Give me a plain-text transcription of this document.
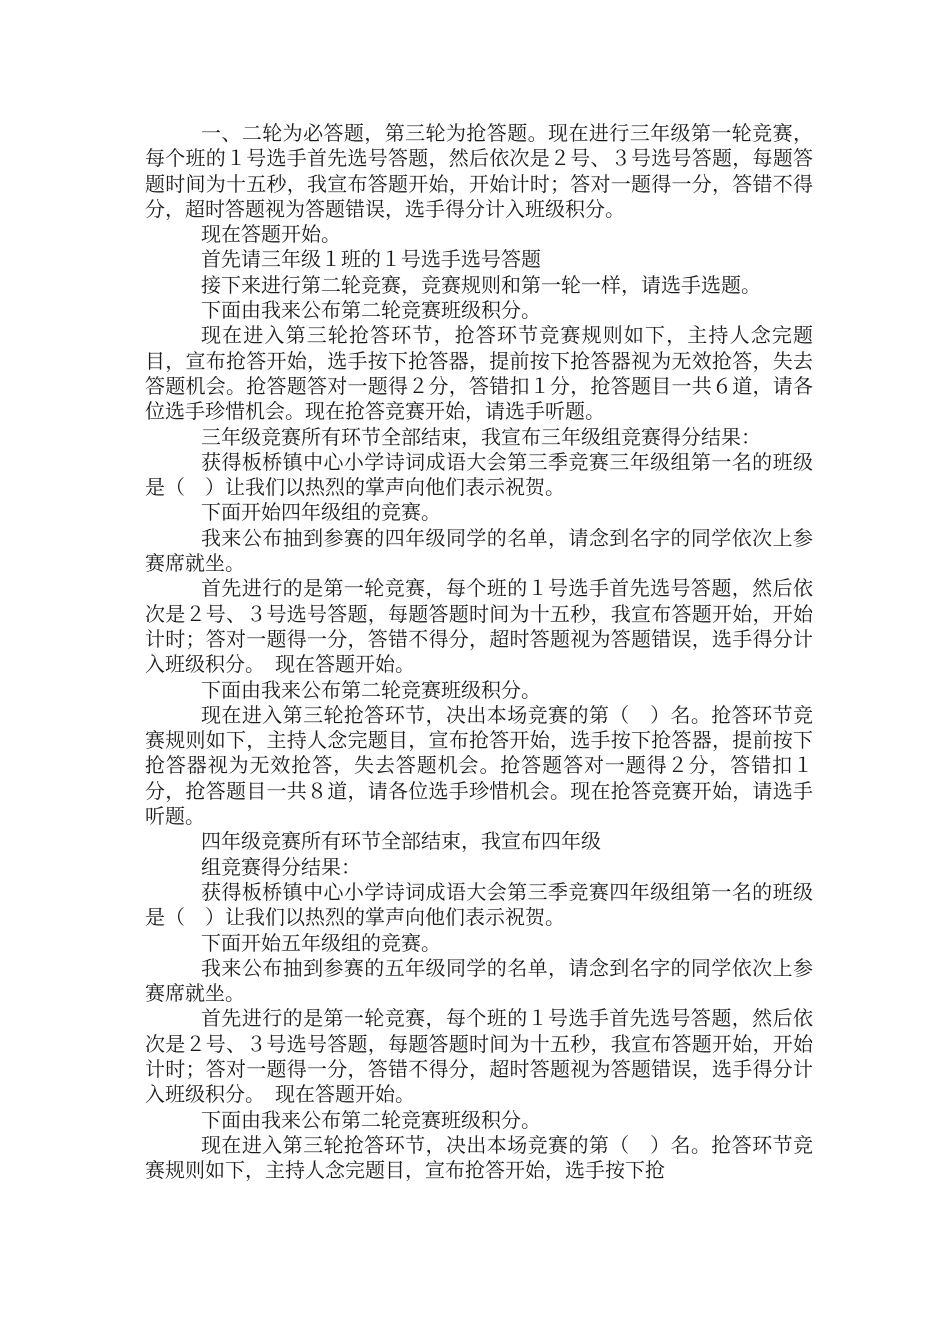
一、二轮为必答题，第三轮为抢答题。现在进行三年级第一轮竞赛，每个班的１号选手首先选号答题，然后依次是２号、３号选号答题，每题答题时间为十五秒，我宣布答题开始，开始计时；答对一题得一分，答错不得分，超时答题视为答题错误，选手得分计入班级积分。

现在答题开始。

首先请三年级１班的１号选手选号答题

接下来进行第二轮竞赛，竞赛规则和第一轮一样，请选手选题。

下面由我来公布第二轮竞赛班级积分。

现在进入第三轮抢答环节，抢答环节竞赛规则如下，主持人念完题目，宣布抢答开始，选手按下抢答器，提前按下抢答器视为无效抢答，失去答题机会。抢答题答对一题得２分，答错扣１分，抢答题目一共６道，请各位选手珍惜机会。现在抢答竞赛开始，请选手听题。

三年级竞赛所有环节全部结束，我宣布三年级组竞赛得分结果：

获得板桥镇中心小学诗词成语大会第三季竞赛三年级组第一名的班级是（　）让我们以热烈的掌声向他们表示祝贺。

下面开始四年级组的竞赛。

我来公布抽到参赛的四年级同学的名单，请念到名字的同学依次上参赛席就坐。

首先进行的是第一轮竞赛，每个班的１号选手首先选号答题，然后依次是２号、３号选号答题，每题答题时间为十五秒，我宣布答题开始，开始计时；答对一题得一分，答错不得分，超时答题视为答题错误，选手得分计入班级积分。　现在答题开始。

下面由我来公布第二轮竞赛班级积分。

现在进入第三轮抢答环节，决出本场竞赛的第（　）名。抢答环节竞赛规则如下，主持人念完题目，宣布抢答开始，选手按下抢答器，提前按下抢答器视为无效抢答，失去答题机会。抢答题答对一题得２分，答错扣１分，抢答题目一共８道，请各位选手珍惜机会。现在抢答竞赛开始，请选手听题。

四年级竞赛所有环节全部结束，我宣布四年级

组竞赛得分结果：

获得板桥镇中心小学诗词成语大会第三季竞赛四年级组第一名的班级是（　）让我们以热烈的掌声向他们表示祝贺。

下面开始五年级组的竞赛。

我来公布抽到参赛的五年级同学的名单，请念到名字的同学依次上参赛席就坐。

首先进行的是第一轮竞赛，每个班的１号选手首先选号答题，然后依次是２号、３号选号答题，每题答题时间为十五秒，我宣布答题开始，开始计时；答对一题得一分，答错不得分，超时答题视为答题错误，选手得分计入班级积分。　现在答题开始。

下面由我来公布第二轮竞赛班级积分。

现在进入第三轮抢答环节，决出本场竞赛的第（　）名。抢答环节竞赛规则如下，主持人念完题目，宣布抢答开始，选手按下抢
